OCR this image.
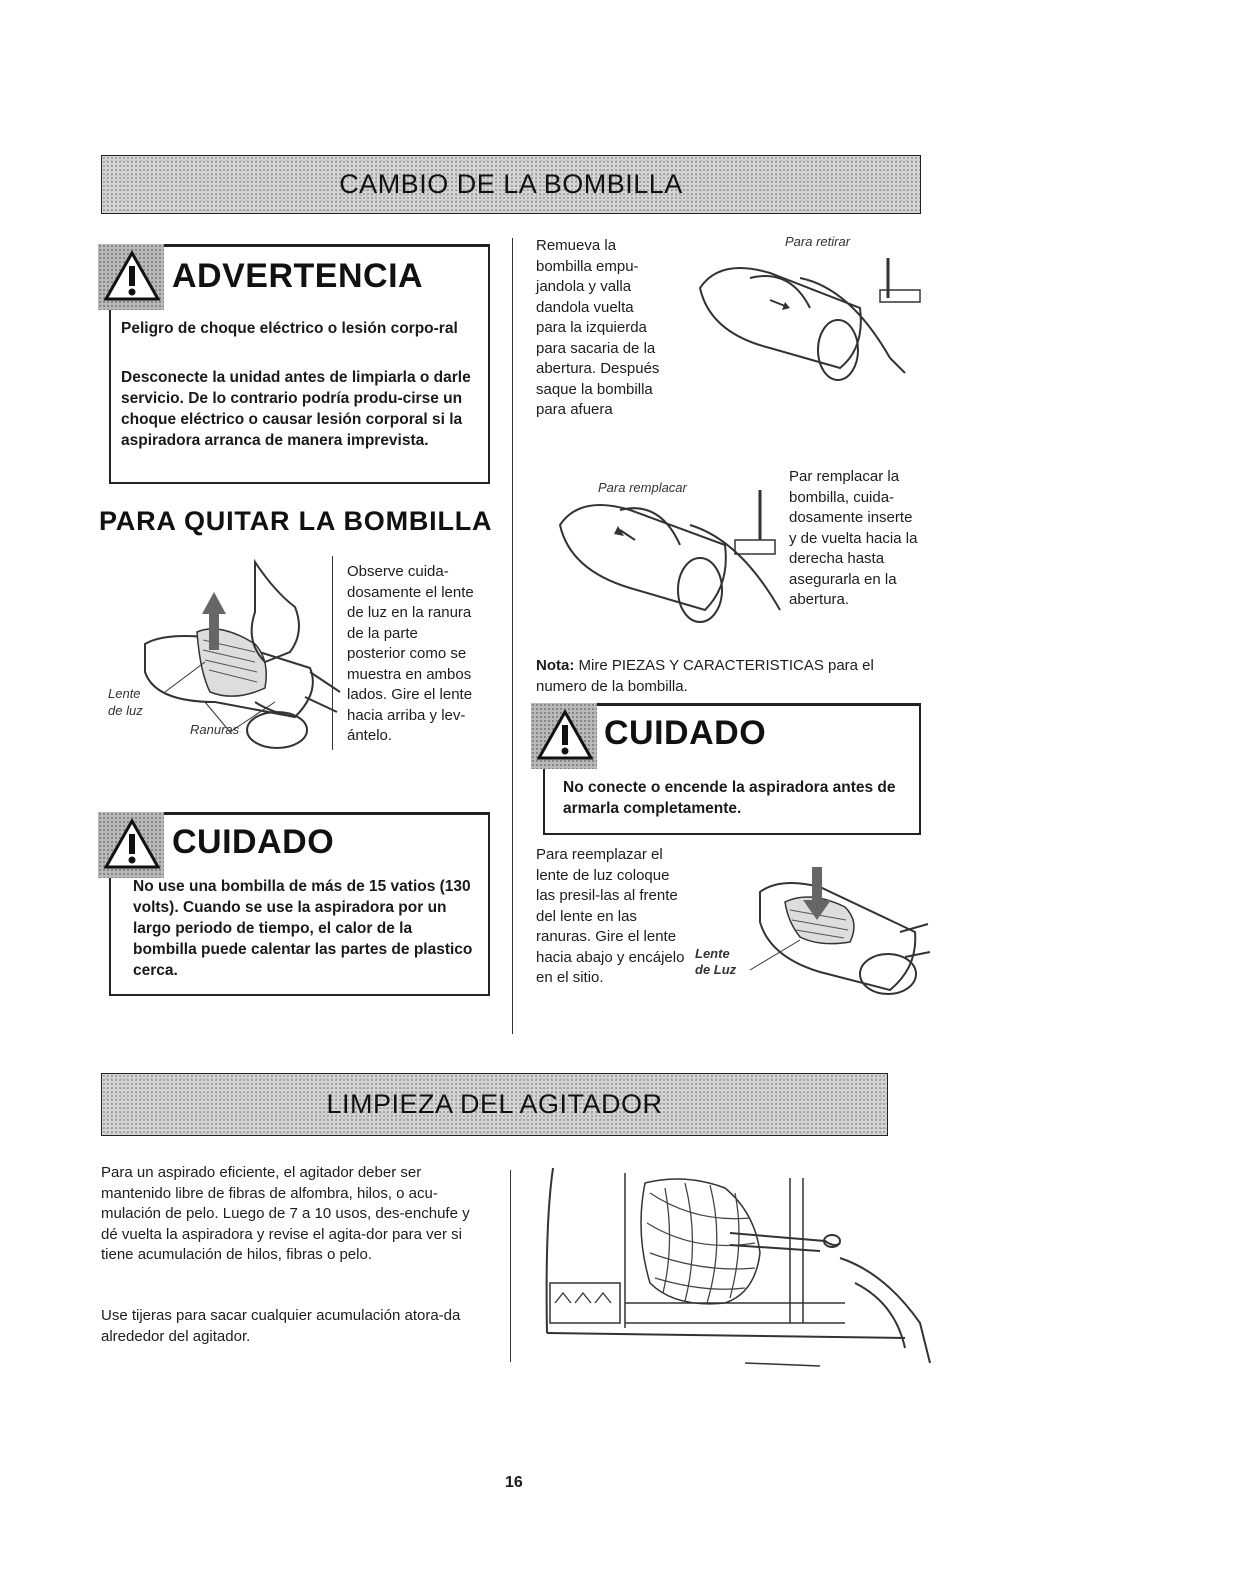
CAMBIO DE LA BOMBILLA
ADVERTENCIA
Peligro de choque eléctrico o lesión corpo-ral
Desconecte la unidad antes de limpiarla o darle servicio. De lo contrario podría produ-cirse un choque eléctrico o causar lesión corporal si la aspiradora arranca de manera imprevista.
PARA QUITAR LA BOMBILLA
Lente
de luz
Ranuras
Observe cuida-dosamente el lente de luz en la ranura de la parte posterior como se muestra en ambos lados. Gire el lente hacia arriba y lev-ántelo.
CUIDADO
No use una bombilla de más de 15 vatios (130 volts). Cuando se use la aspiradora por un largo periodo de tiempo, el calor de la bombilla puede calentar las partes de plastico cerca.
Remueva la bombilla empu-jandola y valla dandola vuelta para la izquierda para sacaria de la abertura. Después saque la bombilla para afuera
Para retirar
Para remplacar
Par remplacar la bombilla, cuida-dosamente inserte y de vuelta hacia la derecha hasta asegurarla en la abertura.
Nota: Mire PIEZAS Y CARACTERISTICAS para el numero de la bombilla.
CUIDADO
No conecte o encende la aspiradora antes de armarla completamente.
Para reemplazar el lente de luz coloque las presil-las al frente del lente en las ranuras. Gire el lente hacia abajo y encájelo en el sitio.
Lente
de Luz
LIMPIEZA DEL AGITADOR
Para un aspirado eficiente, el agitador deber ser mantenido libre de fibras de alfombra, hilos, o acu-mulación de pelo. Luego de 7 a 10 usos, des-enchufe y dé vuelta la aspiradora y revise el agita-dor para ver si tiene acumulación de hilos, fibras o pelo.
Use tijeras para sacar cualquier acumulación atora-da alrededor del agitador.
16
